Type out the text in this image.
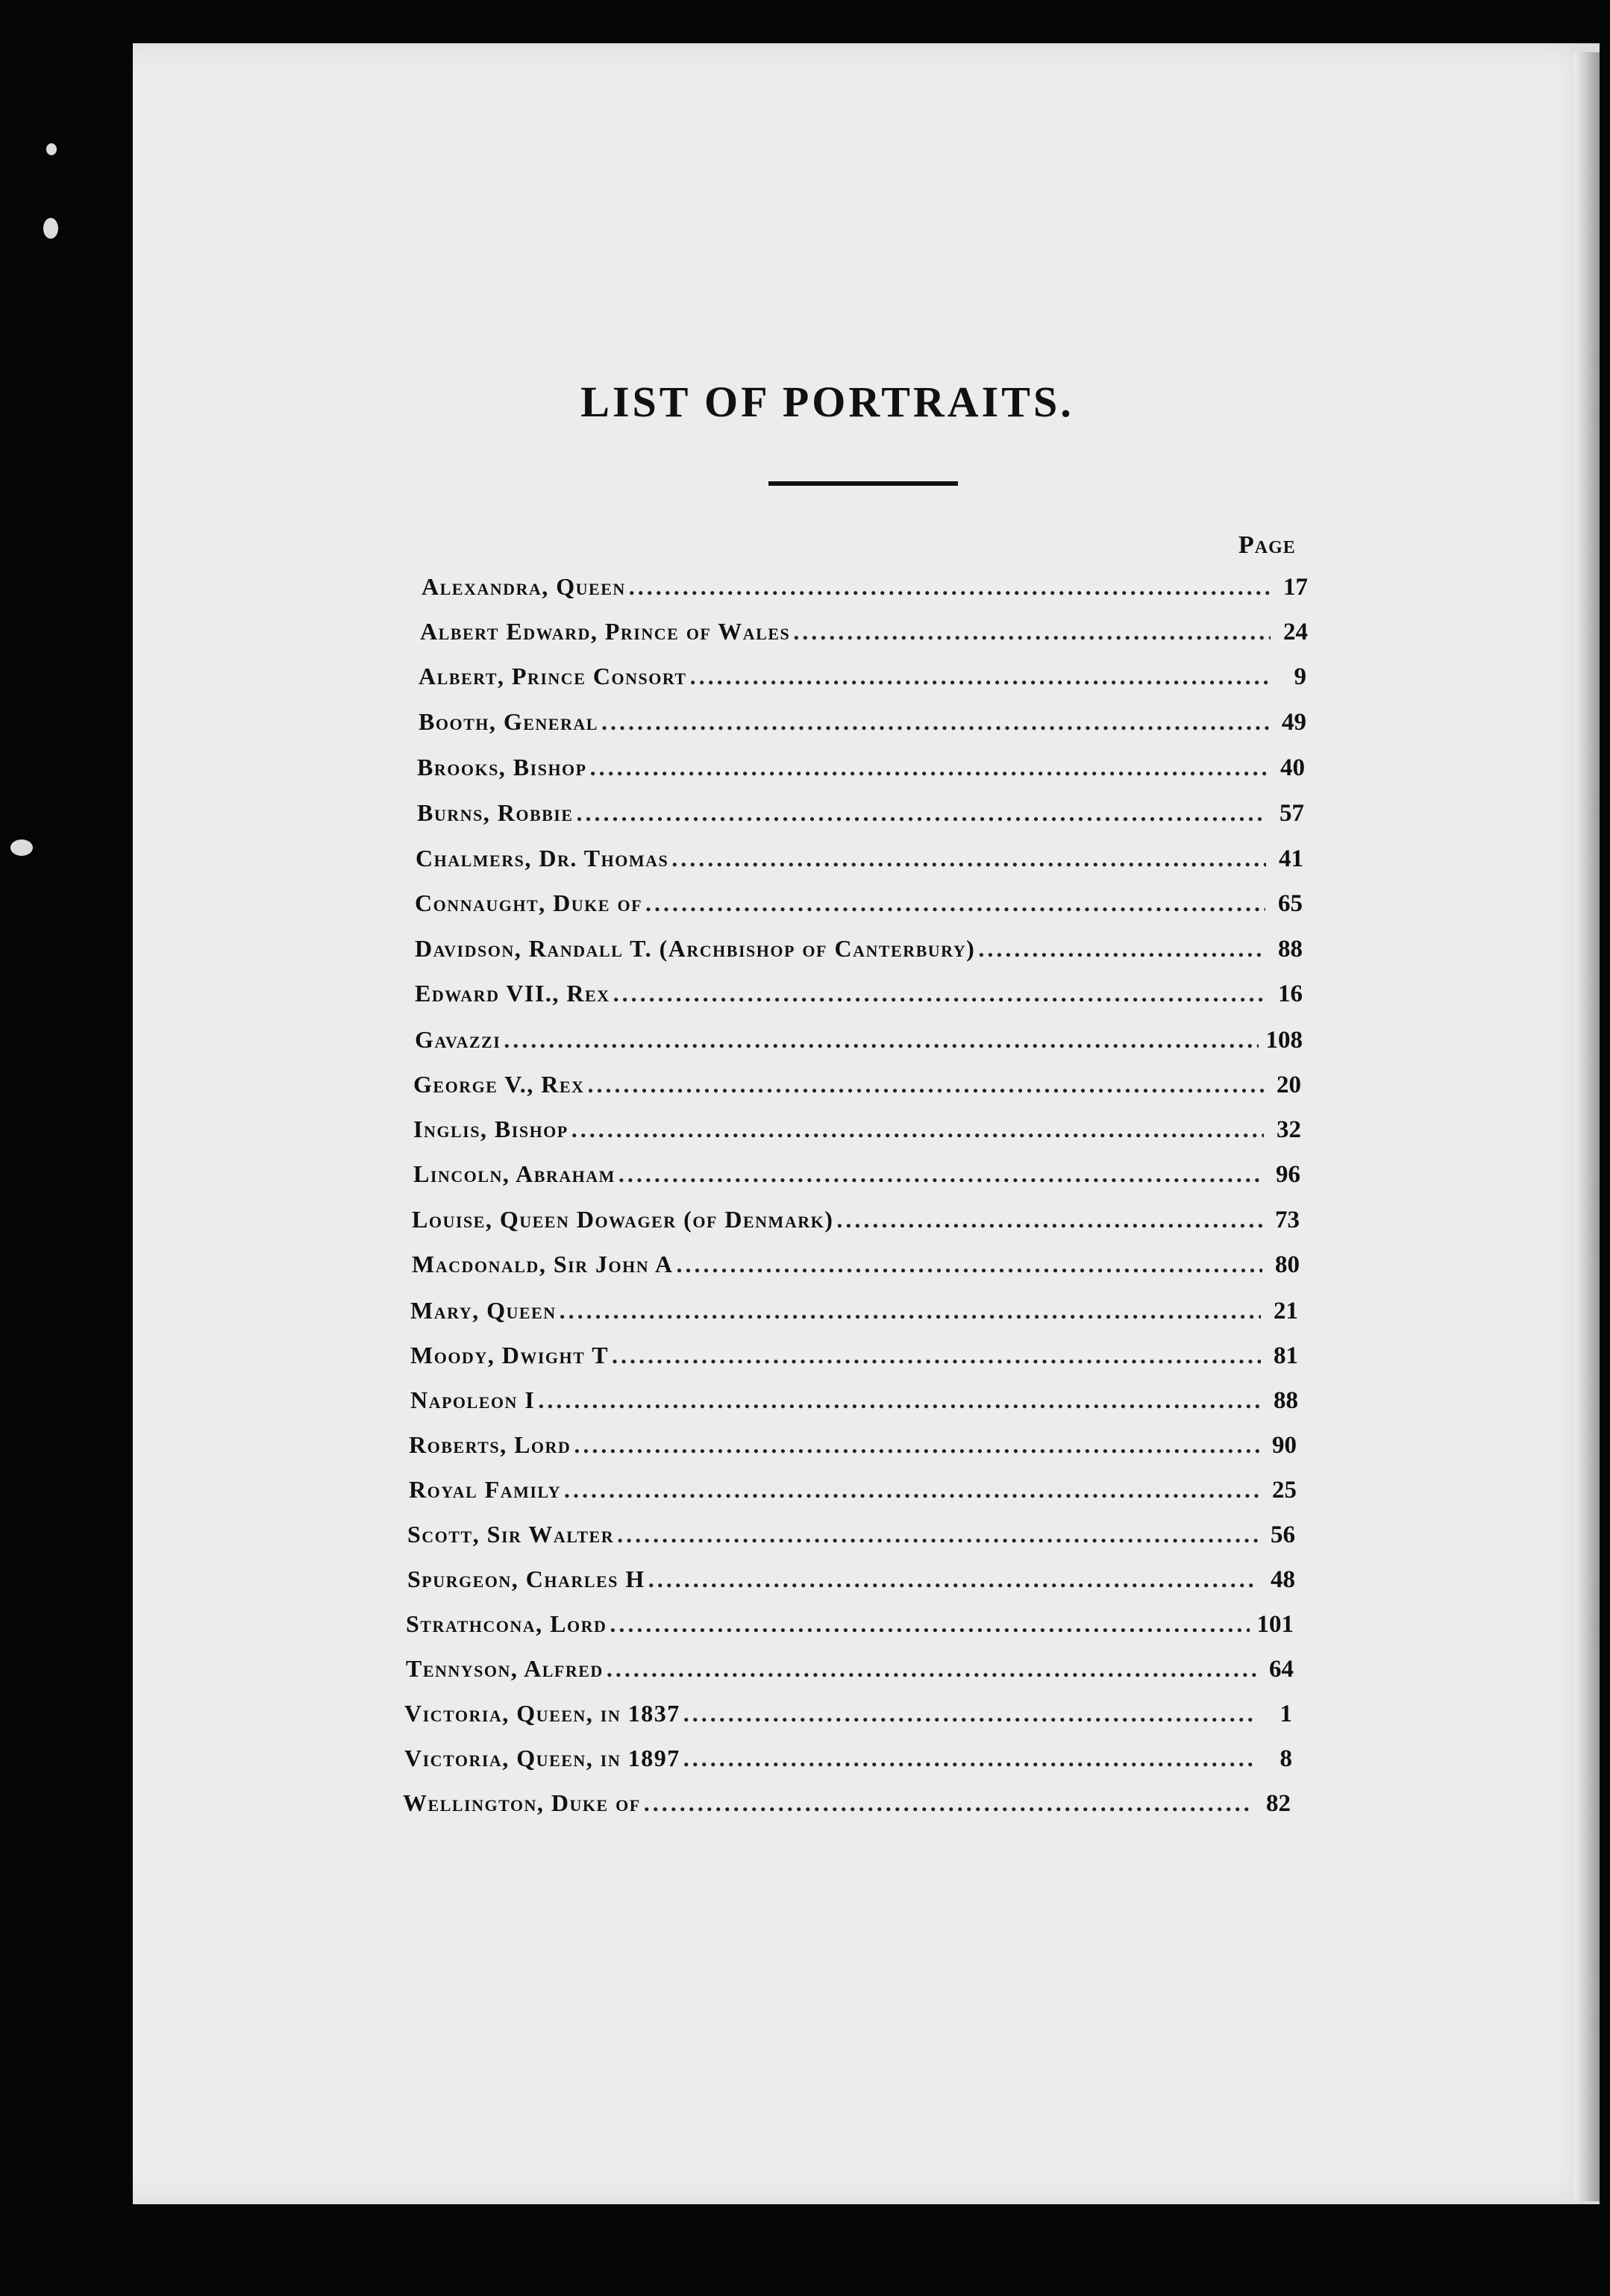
LIST OF PORTRAITS.
Page
Alexandra, Queen .....	17
Albert Edward, Prince of Wales .....	24
Albert, Prince Consort .....	9
Booth, General .....	49
Brooks, Bishop .....	40
Burns, Robbie .....	57
Chalmers, Dr. Thomas .....	41
Connaught, Duke of .....	65
Davidson, Randall T. (Archbishop of Canterbury) .....	88
Edward VII., Rex .....	16
Gavazzi .....	108
George V., Rex .....	20
Inglis, Bishop .....	32
Lincoln, Abraham .....	96
Louise, Queen Dowager (of Denmark) .....	73
Macdonald, Sir John A .....	80
Mary, Queen .....	21
Moody, Dwight T .....	81
Napoleon I .....	88
Roberts, Lord .....	90
Royal Family .....	25
Scott, Sir Walter .....	56
Spurgeon, Charles H .....	48
Strathcona, Lord .....	101
Tennyson, Alfred .....	64
Victoria, Queen, in 1837 .....	1
Victoria, Queen, in 1897 .....	8
Wellington, Duke of .....	82
